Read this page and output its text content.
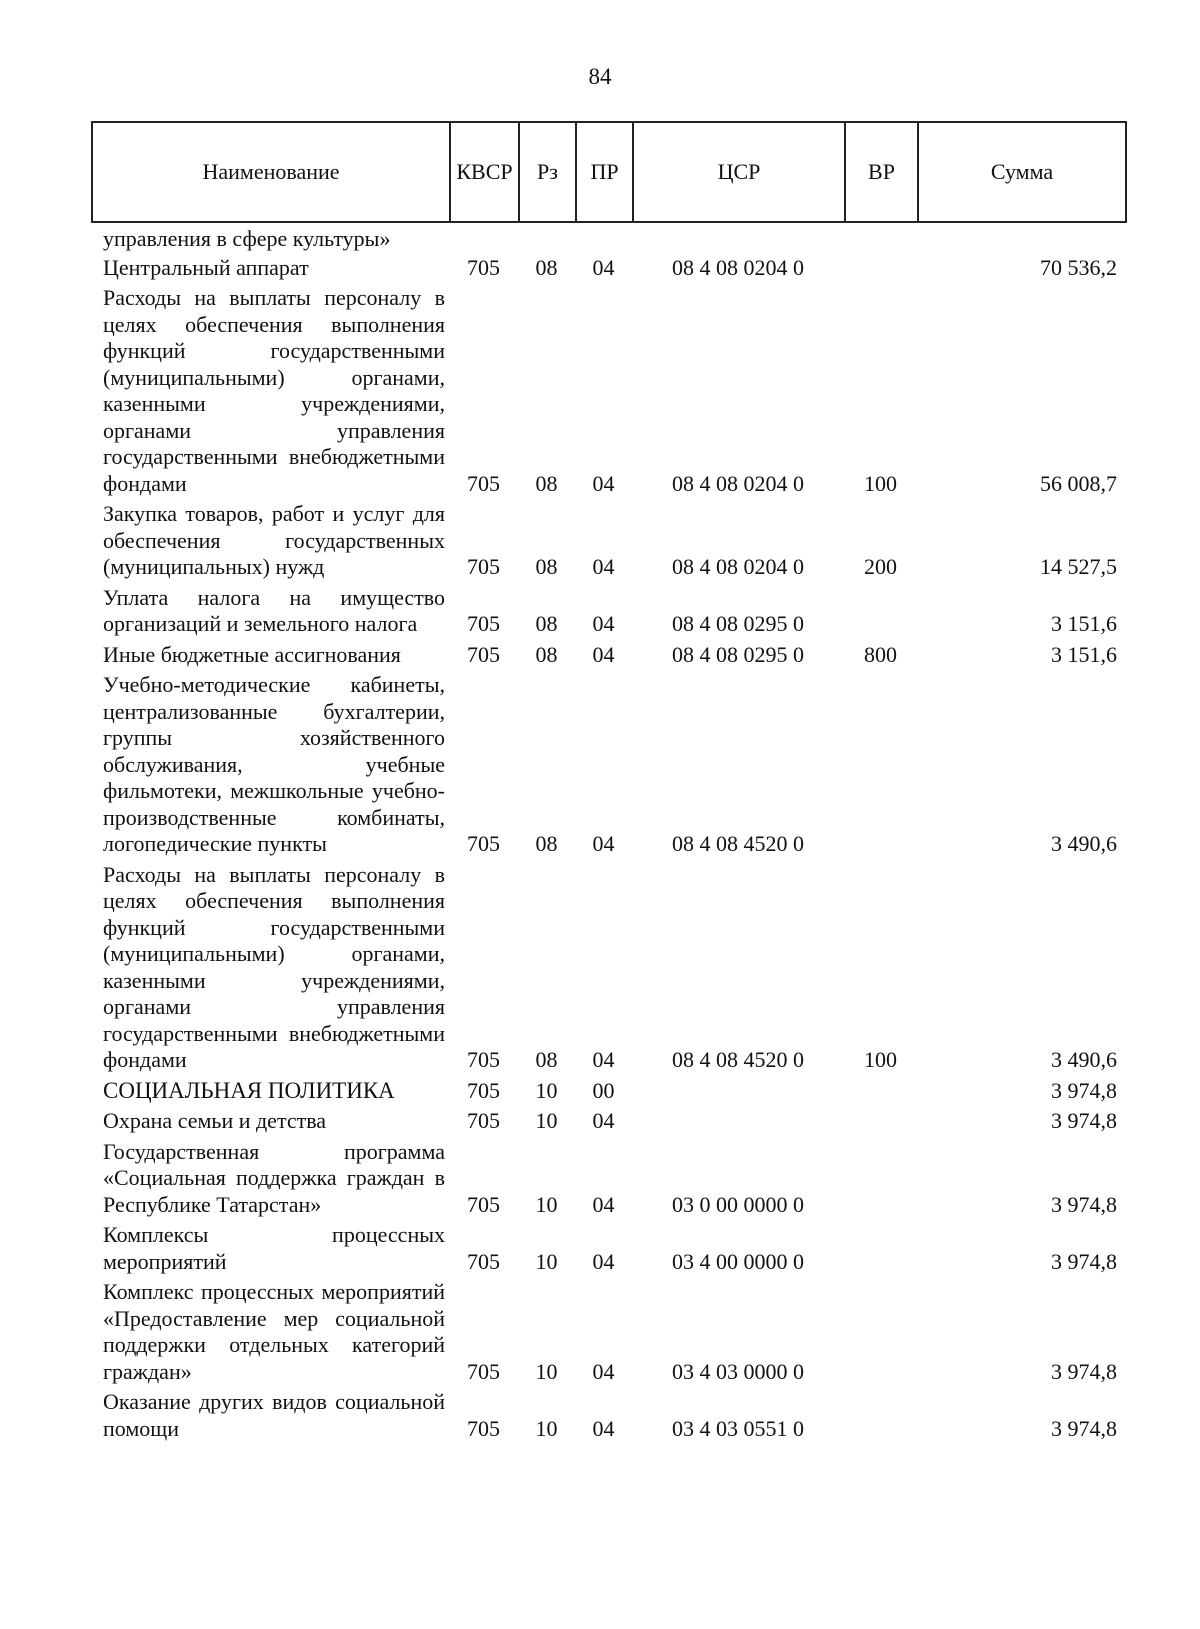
84
Наименование	КВСР	Рз	ПР	ЦСР	ВР	Сумма
управления в сфере культуры»						
Центральный аппарат	705	08	04	08 4 08 0204 0		70 536,2
Расходы на выплаты персоналу в целях обеспечения выполнения функций государственными (муниципальными) органами, казенными учреждениями, органами управления государственными внебюджетными фондами	705	08	04	08 4 08 0204 0	100	56 008,7
Закупка товаров, работ и услуг для обеспечения государственных (муниципальных) нужд	705	08	04	08 4 08 0204 0	200	14 527,5
Уплата налога на имущество организаций и земельного налога	705	08	04	08 4 08 0295 0		3 151,6
Иные бюджетные ассигнования	705	08	04	08 4 08 0295 0	800	3 151,6
Учебно-методические кабинеты, централизованные бухгалтерии, группы хозяйственного обслуживания, учебные фильмотеки, межшкольные учебно-производственные комбинаты, логопедические пункты	705	08	04	08 4 08 4520 0		3 490,6
Расходы на выплаты персоналу в целях обеспечения выполнения функций государственными (муниципальными) органами, казенными учреждениями, органами управления государственными внебюджетными фондами	705	08	04	08 4 08 4520 0	100	3 490,6
СОЦИАЛЬНАЯ ПОЛИТИКА	705	10	00			3 974,8
Охрана семьи и детства	705	10	04			3 974,8
Государственная программа «Социальная поддержка граждан в Республике Татарстан»	705	10	04	03 0 00 0000 0		3 974,8
Комплексы процессных мероприятий	705	10	04	03 4 00 0000 0		3 974,8
Комплекс процессных мероприятий «Предоставление мер социальной поддержки отдельных категорий граждан»	705	10	04	03 4 03 0000 0		3 974,8
Оказание других видов социальной помощи	705	10	04	03 4 03 0551 0		3 974,8
